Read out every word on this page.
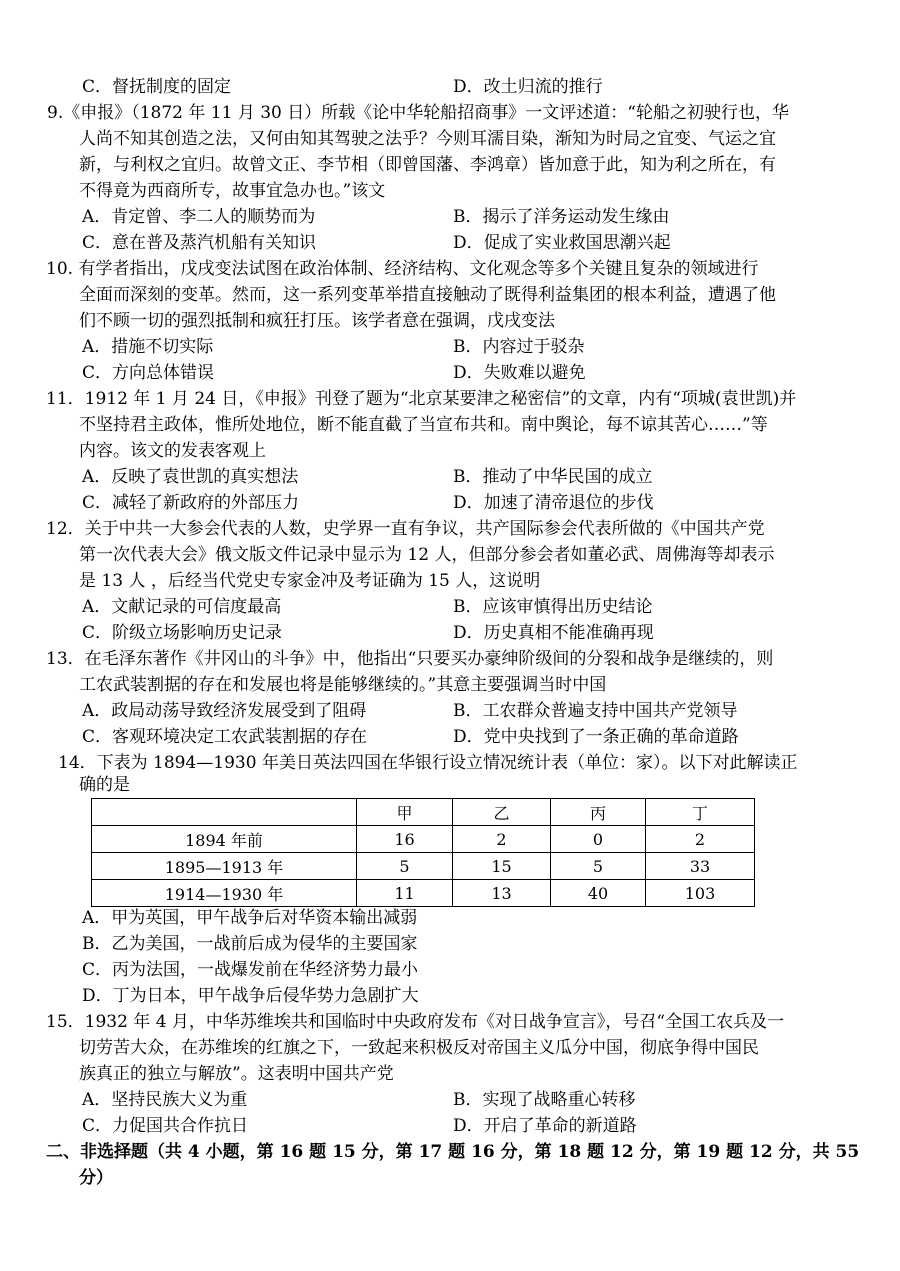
C．督抚制度的固定	D．改土归流的推行
9.《申报》（1872 年 11 月 30 日）所载《论中华轮船招商事》一文评述道：“轮船之初驶行也，华
人尚不知其创造之法，又何由知其驾驶之法乎？今则耳濡目染，渐知为时局之宜变、气运之宜
新，与利权之宜归。故曾文正、李节相（即曾国藩、李鸿章）皆加意于此，知为利之所在，有
不得竟为西商所专，故事宜急办也。”该文
A．肯定曾、李二人的顺势而为	B．揭示了洋务运动发生缘由
C．意在普及蒸汽机船有关知识	D．促成了实业救国思潮兴起
10. 有学者指出，戊戌变法试图在政治体制、经济结构、文化观念等多个关键且复杂的领域进行
全面而深刻的变革。然而，这一系列变革举措直接触动了既得利益集团的根本利益，遭遇了他
们不顾一切的强烈抵制和疯狂打压。该学者意在强调，戊戌变法
A．措施不切实际	B．内容过于驳杂
C．方向总体错误	D．失败难以避免
11．1912 年 1 月 24 日，《申报》刊登了题为“北京某要津之秘密信”的文章，内有“项城(袁世凯)并
不坚持君主政体，惟所处地位，断不能直截了当宣布共和。南中舆论，每不谅其苦心……”等
内容。该文的发表客观上
A．反映了袁世凯的真实想法	B．推动了中华民国的成立
C．减轻了新政府的外部压力	D．加速了清帝退位的步伐
12．关于中共一大参会代表的人数，史学界一直有争议，共产国际参会代表所做的《中国共产党
第一次代表大会》俄文版文件记录中显示为 12 人，但部分参会者如董必武、周佛海等却表示
是 13 人 ，后经当代党史专家金冲及考证确为 15 人，这说明
A．文献记录的可信度最高	B．应该审慎得出历史结论
C．阶级立场影响历史记录	D．历史真相不能准确再现
13．在毛泽东著作《井冈山的斗争》中，他指出“只要买办豪绅阶级间的分裂和战争是继续的，则
工农武装割据的存在和发展也将是能够继续的。”其意主要强调当时中国
A．政局动荡导致经济发展受到了阻碍	B．工农群众普遍支持中国共产党领导
C．客观环境决定工农武装割据的存在	D．党中央找到了一条正确的革命道路
14．下表为 1894—1930 年美日英法四国在华银行设立情况统计表（单位：家）。以下对此解读正
确的是
	甲	乙	丙	丁
1894 年前	16	2	0	2
1895—1913 年	5	15	5	33
1914—1930 年	11	13	40	103
A．甲为英国，甲午战争后对华资本输出减弱
B．乙为美国，一战前后成为侵华的主要国家
C．丙为法国，一战爆发前在华经济势力最小
D．丁为日本，甲午战争后侵华势力急剧扩大
15．1932 年 4 月，中华苏维埃共和国临时中央政府发布《对日战争宣言》，号召“全国工农兵及一
切劳苦大众，在苏维埃的红旗之下，一致起来积极反对帝国主义瓜分中国，彻底争得中国民
族真正的独立与解放”。这表明中国共产党
A．坚持民族大义为重	B．实现了战略重心转移
C．力促国共合作抗日	D．开启了革命的新道路
二、非选择题（共 4 小题，第 16 题 15 分，第 17 题 16 分，第 18 题 12 分，第 19 题 12 分，共 55
分）
